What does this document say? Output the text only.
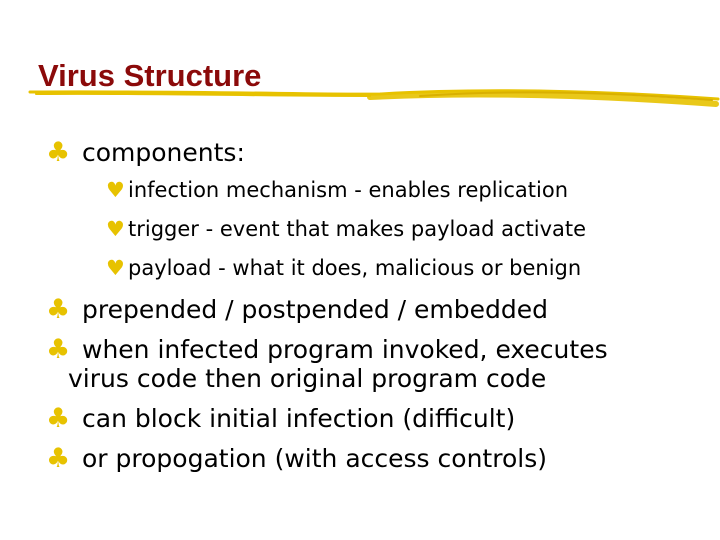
Virus Structure
♣ components:
♥ infection mechanism - enables replication
♥ trigger - event that makes payload activate
♥ payload - what it does, malicious or benign
♣ prepended / postpended / embedded
♣ when infected program invoked, executes
virus code then original program code
♣ can block initial infection (difficult)
♣ or propogation (with access controls)
